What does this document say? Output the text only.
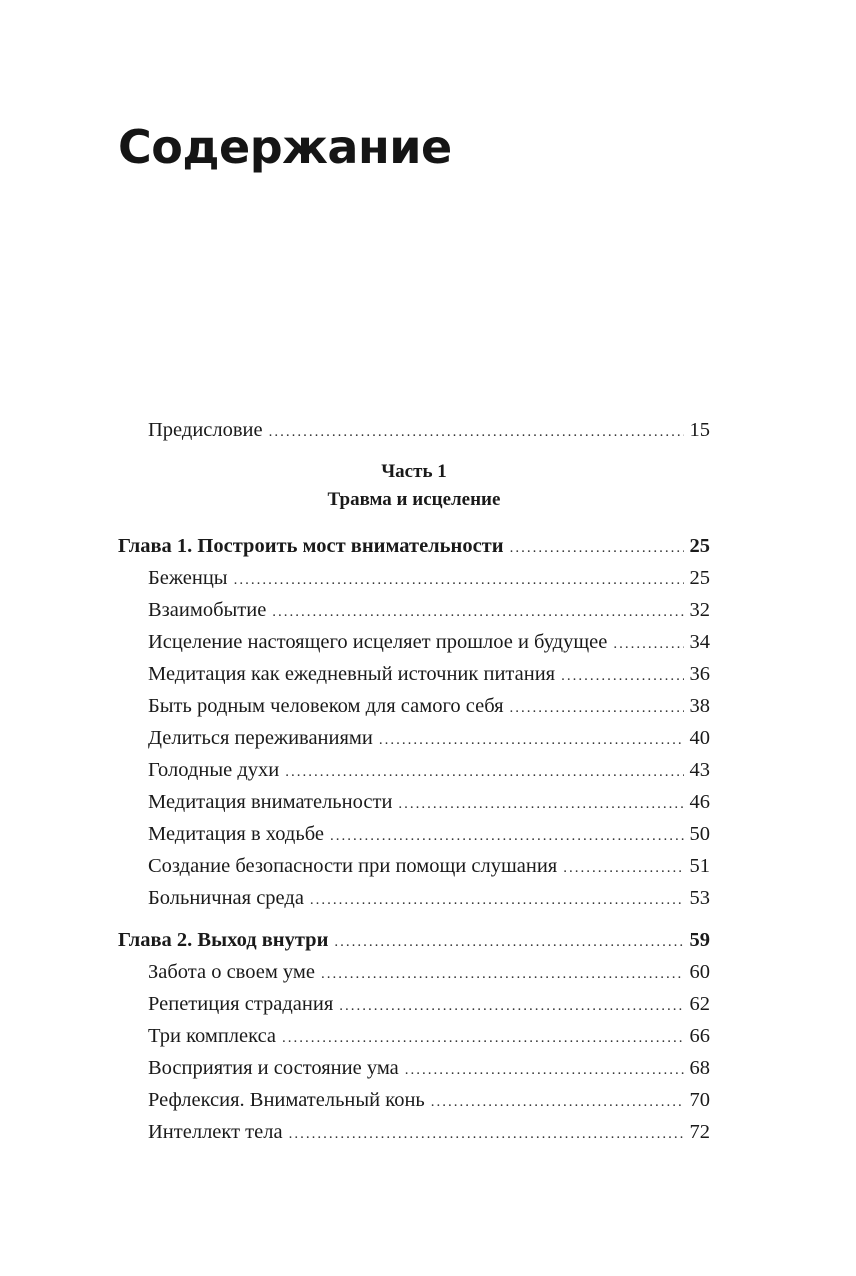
Содержание
Предисловие .....	15
Часть 1
Травма и исцеление
Глава 1. Построить мост внимательности .....	25
Беженцы .....	25
Взаимобытие .....	32
Исцеление настоящего исцеляет прошлое и будущее .....	34
Медитация как ежедневный источник питания .....	36
Быть родным человеком для самого себя .....	38
Делиться переживаниями .....	40
Голодные духи .....	43
Медитация внимательности .....	46
Медитация в ходьбе .....	50
Создание безопасности при помощи слушания .....	51
Больничная среда .....	53
Глава 2. Выход внутри .....	59
Забота о своем уме .....	60
Репетиция страдания .....	62
Три комплекса .....	66
Восприятия и состояние ума .....	68
Рефлексия. Внимательный конь .....	70
Интеллект тела .....	72
